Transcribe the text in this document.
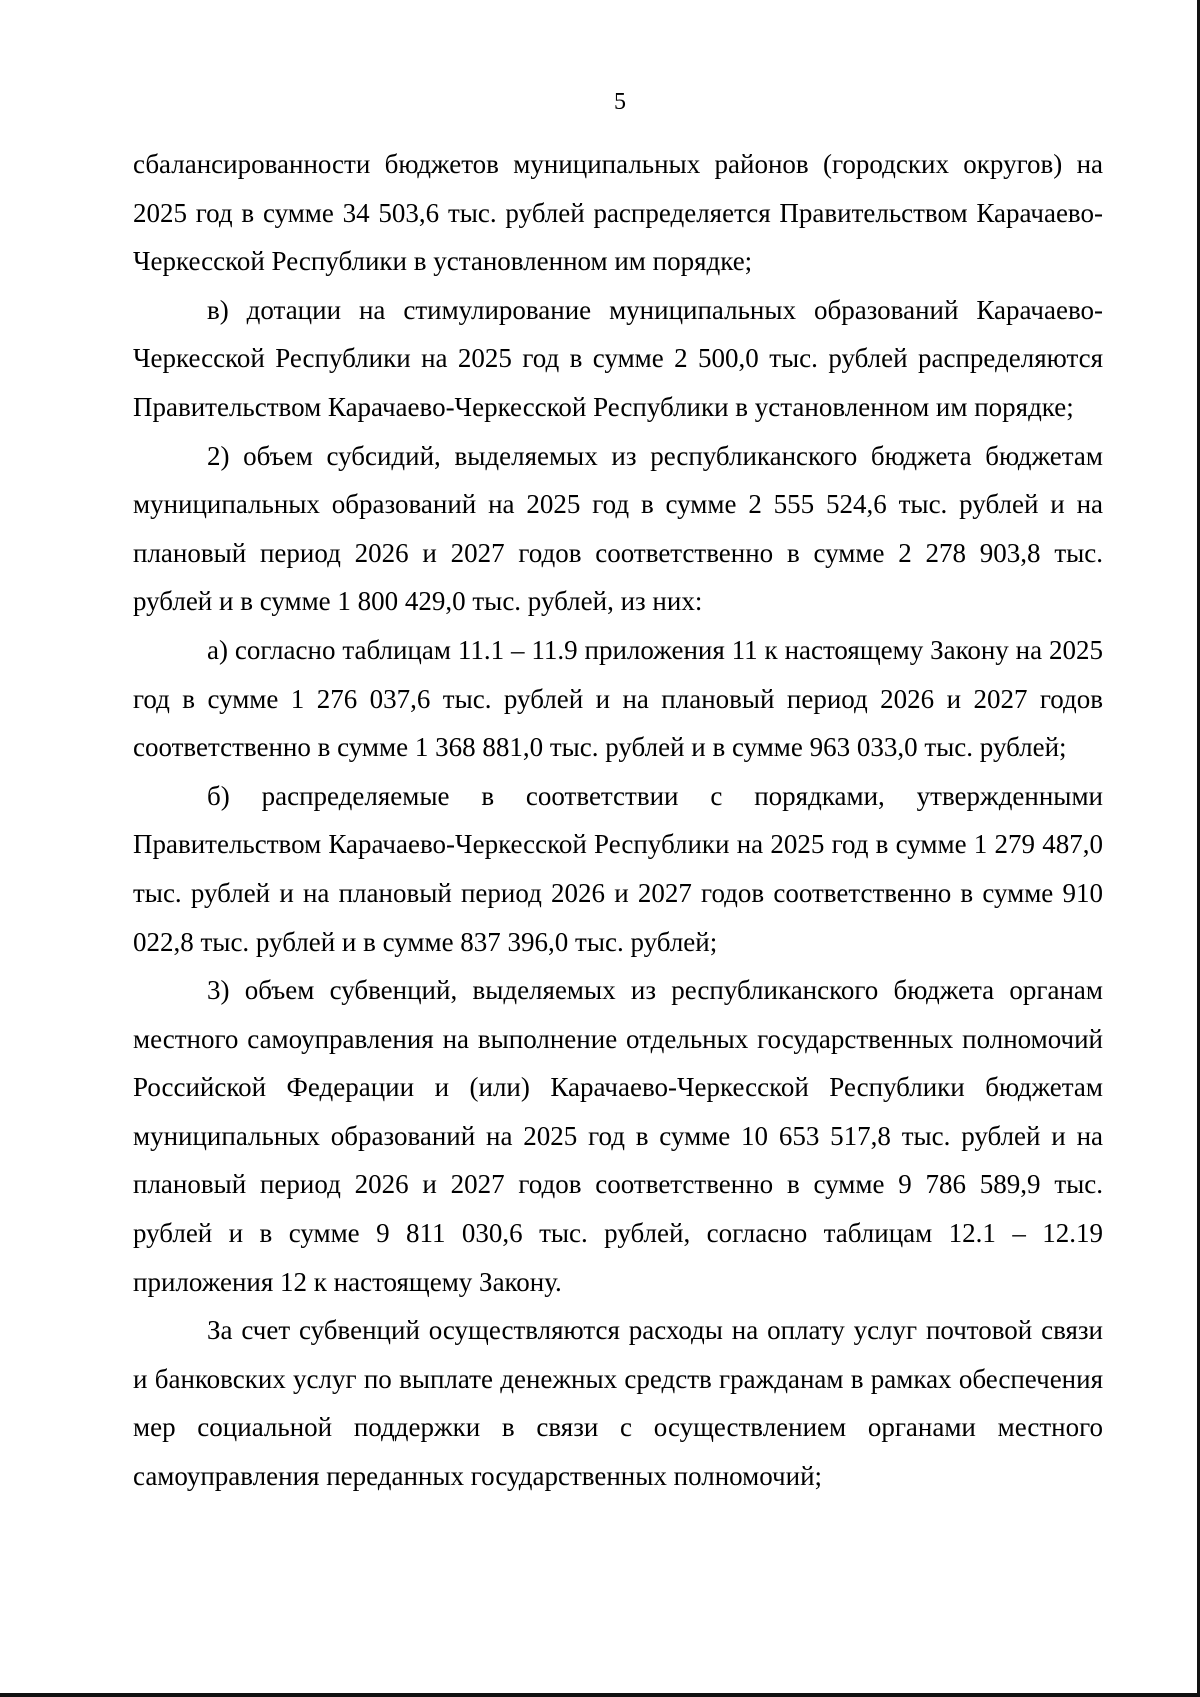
5

сбалансированности бюджетов муниципальных районов (городских округов) на 2025 год в сумме 34 503,6 тыс. рублей распределяется Правительством Карачаево-Черкесской Республики в установленном им порядке;

в) дотации на стимулирование муниципальных образований Карачаево-Черкесской Республики на 2025 год в сумме 2 500,0 тыс. рублей распределяются Правительством Карачаево-Черкесской Республики в установленном им порядке;

2) объем субсидий, выделяемых из республиканского бюджета бюджетам муниципальных образований на 2025 год в сумме 2 555 524,6 тыс. рублей и на плановый период 2026 и 2027 годов соответственно в сумме 2 278 903,8 тыс. рублей и в сумме 1 800 429,0 тыс. рублей, из них:

а) согласно таблицам 11.1 – 11.9 приложения 11 к настоящему Закону на 2025 год в сумме 1 276 037,6 тыс. рублей и на плановый период 2026 и 2027 годов соответственно в сумме 1 368 881,0 тыс. рублей и в сумме 963 033,0 тыс. рублей;

б) распределяемые в соответствии с порядками, утвержденными Правительством Карачаево-Черкесской Республики на 2025 год в сумме 1 279 487,0 тыс. рублей и на плановый период 2026 и 2027 годов соответственно в сумме 910 022,8 тыс. рублей и в сумме 837 396,0 тыс. рублей;

3) объем субвенций, выделяемых из республиканского бюджета органам местного самоуправления на выполнение отдельных государственных полномочий Российской Федерации и (или) Карачаево-Черкесской Республики бюджетам муниципальных образований на 2025 год в сумме 10 653 517,8 тыс. рублей и на плановый период 2026 и 2027 годов соответственно в сумме 9 786 589,9 тыс. рублей и в сумме 9 811 030,6 тыс. рублей, согласно таблицам 12.1 – 12.19 приложения 12 к настоящему Закону.

За счет субвенций осуществляются расходы на оплату услуг почтовой связи и банковских услуг по выплате денежных средств гражданам в рамках обеспечения мер социальной поддержки в связи с осуществлением органами местного самоуправления переданных государственных полномочий;
